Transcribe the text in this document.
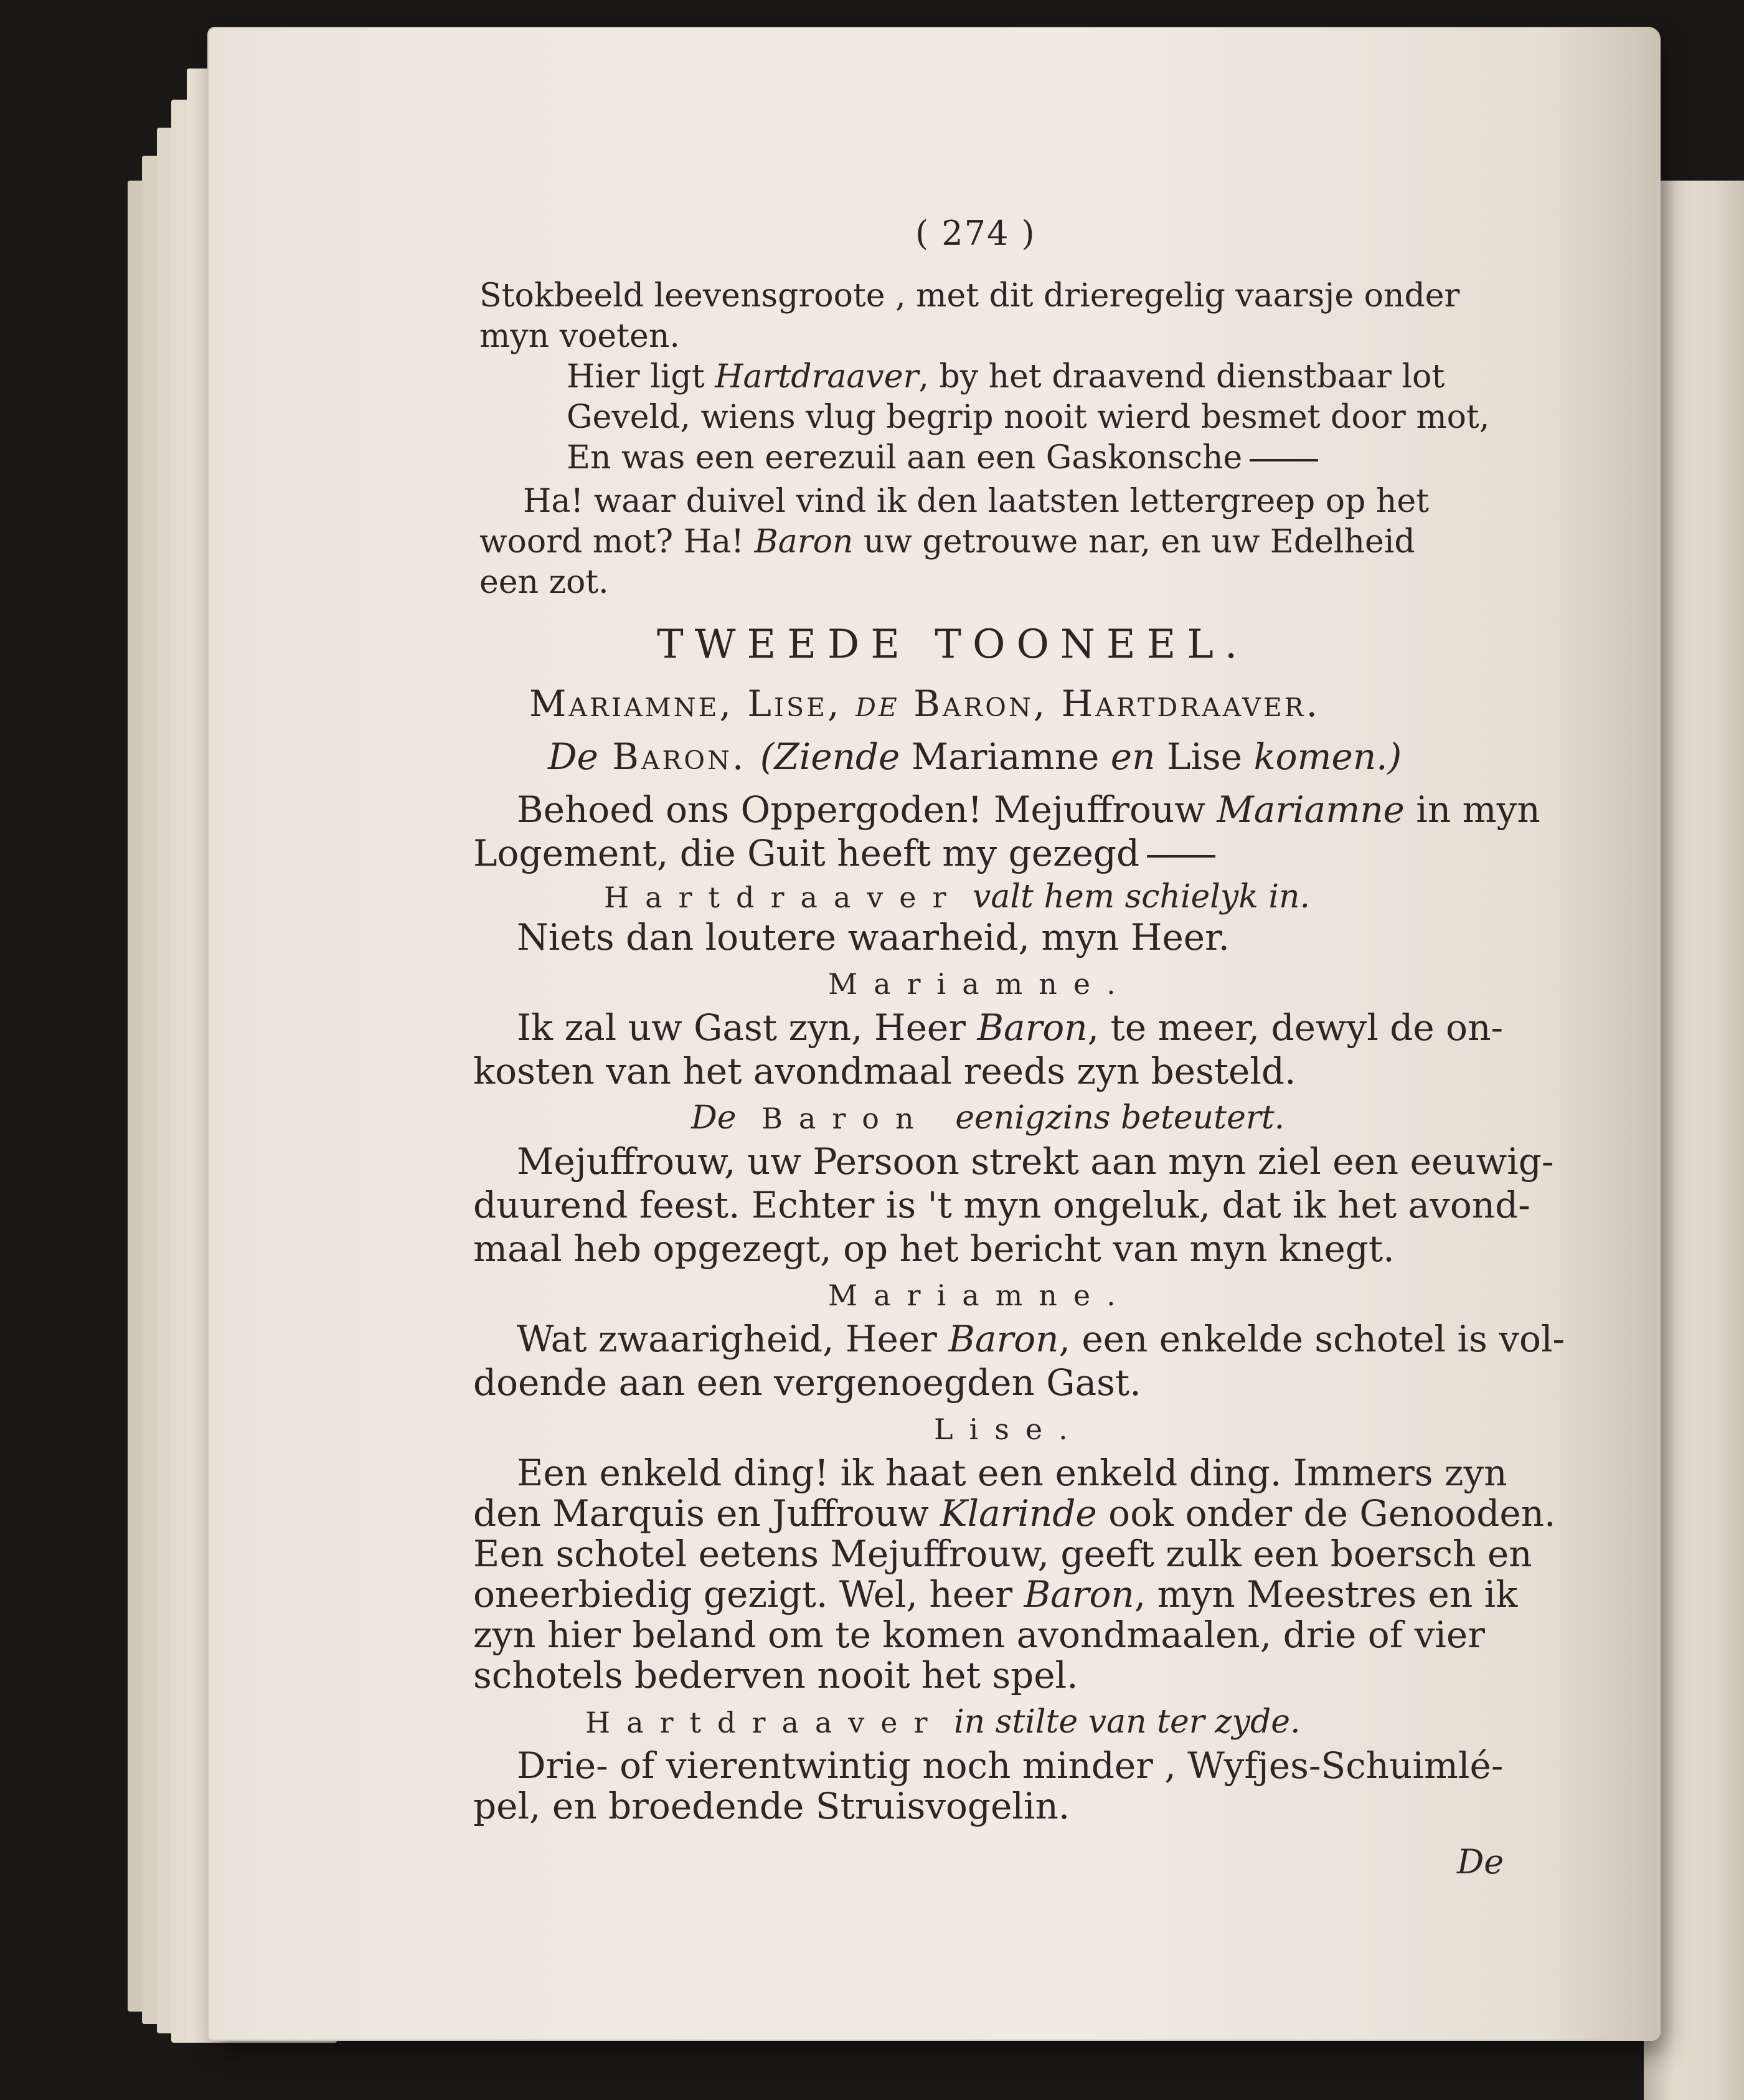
( 274 )
Stokbeeld leevensgroote , met dit drieregelig vaarsje onder
myn voeten.
Hier ligt Hartdraaver, by het draavend dienstbaar lot
Geveld, wiens vlug begrip nooit wierd besmet door mot,
En was een eerezuil aan een Gaskonsche
Ha! waar duivel vind ik den laatsten lettergreep op het
woord mot? Ha! Baron uw getrouwe nar, en uw Edelheid
een zot.
TWEEDE TOONEEL.
Mariamne, Lise, de Baron, Hartdraaver.
De Baron. (Ziende Mariamne en Lise komen.)
Behoed ons Oppergoden! Mejuffrouw Mariamne in myn
Logement, die Guit heeft my gezegd
Hartdraaver valt hem schielyk in.
Niets dan loutere waarheid, myn Heer.
Mariamne.
Ik zal uw Gast zyn, Heer Baron, te meer, dewyl de on-
kosten van het avondmaal reeds zyn besteld.
De Baron eenigzins beteutert.
Mejuffrouw, uw Persoon strekt aan myn ziel een eeuwig-
duurend feest. Echter is 't myn ongeluk, dat ik het avond-
maal heb opgezegt, op het bericht van myn knegt.
Mariamne.
Wat zwaarigheid, Heer Baron, een enkelde schotel is vol-
doende aan een vergenoegden Gast.
Lise.
Een enkeld ding! ik haat een enkeld ding. Immers zyn
den Marquis en Juffrouw Klarinde ook onder de Genooden.
Een schotel eetens Mejuffrouw, geeft zulk een boersch en
oneerbiedig gezigt. Wel, heer Baron, myn Meestres en ik
zyn hier beland om te komen avondmaalen, drie of vier
schotels bederven nooit het spel.
Hartdraaver in stilte van ter zyde.
Drie- of vierentwintig noch minder , Wyfjes-Schuimlé-
pel, en broedende Struisvogelin.
De
